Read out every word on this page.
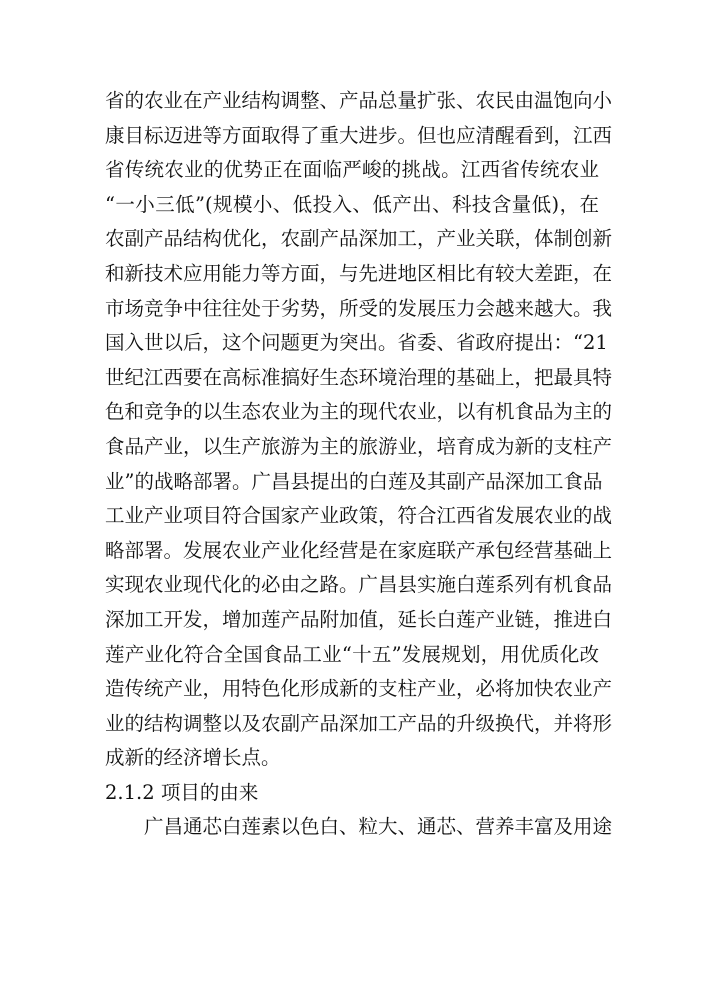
省的农业在产业结构调整、产品总量扩张、农民由温饱向小
康目标迈进等方面取得了重大进步。但也应清醒看到，江西
省传统农业的优势正在面临严峻的挑战。江西省传统农业
“一小三低”(规模小、低投入、低产出、科技含量低)，在
农副产品结构优化，农副产品深加工，产业关联，体制创新
和新技术应用能力等方面，与先进地区相比有较大差距，在
市场竞争中往往处于劣势，所受的发展压力会越来越大。我
国入世以后，这个问题更为突出。省委、省政府提出：“21
世纪江西要在高标准搞好生态环境治理的基础上，把最具特
色和竞争的以生态农业为主的现代农业，以有机食品为主的
食品产业，以生产旅游为主的旅游业，培育成为新的支柱产
业”的战略部署。广昌县提出的白莲及其副产品深加工食品
工业产业项目符合国家产业政策，符合江西省发展农业的战
略部署。发展农业产业化经营是在家庭联产承包经营基础上
实现农业现代化的必由之路。广昌县实施白莲系列有机食品
深加工开发，增加莲产品附加值，延长白莲产业链，推进白
莲产业化符合全国食品工业“十五”发展规划，用优质化改
造传统产业，用特色化形成新的支柱产业，必将加快农业产
业的结构调整以及农副产品深加工产品的升级换代，并将形
成新的经济增长点。
2.1.2 项目的由来
广昌通芯白莲素以色白、粒大、通芯、营养丰富及用途
